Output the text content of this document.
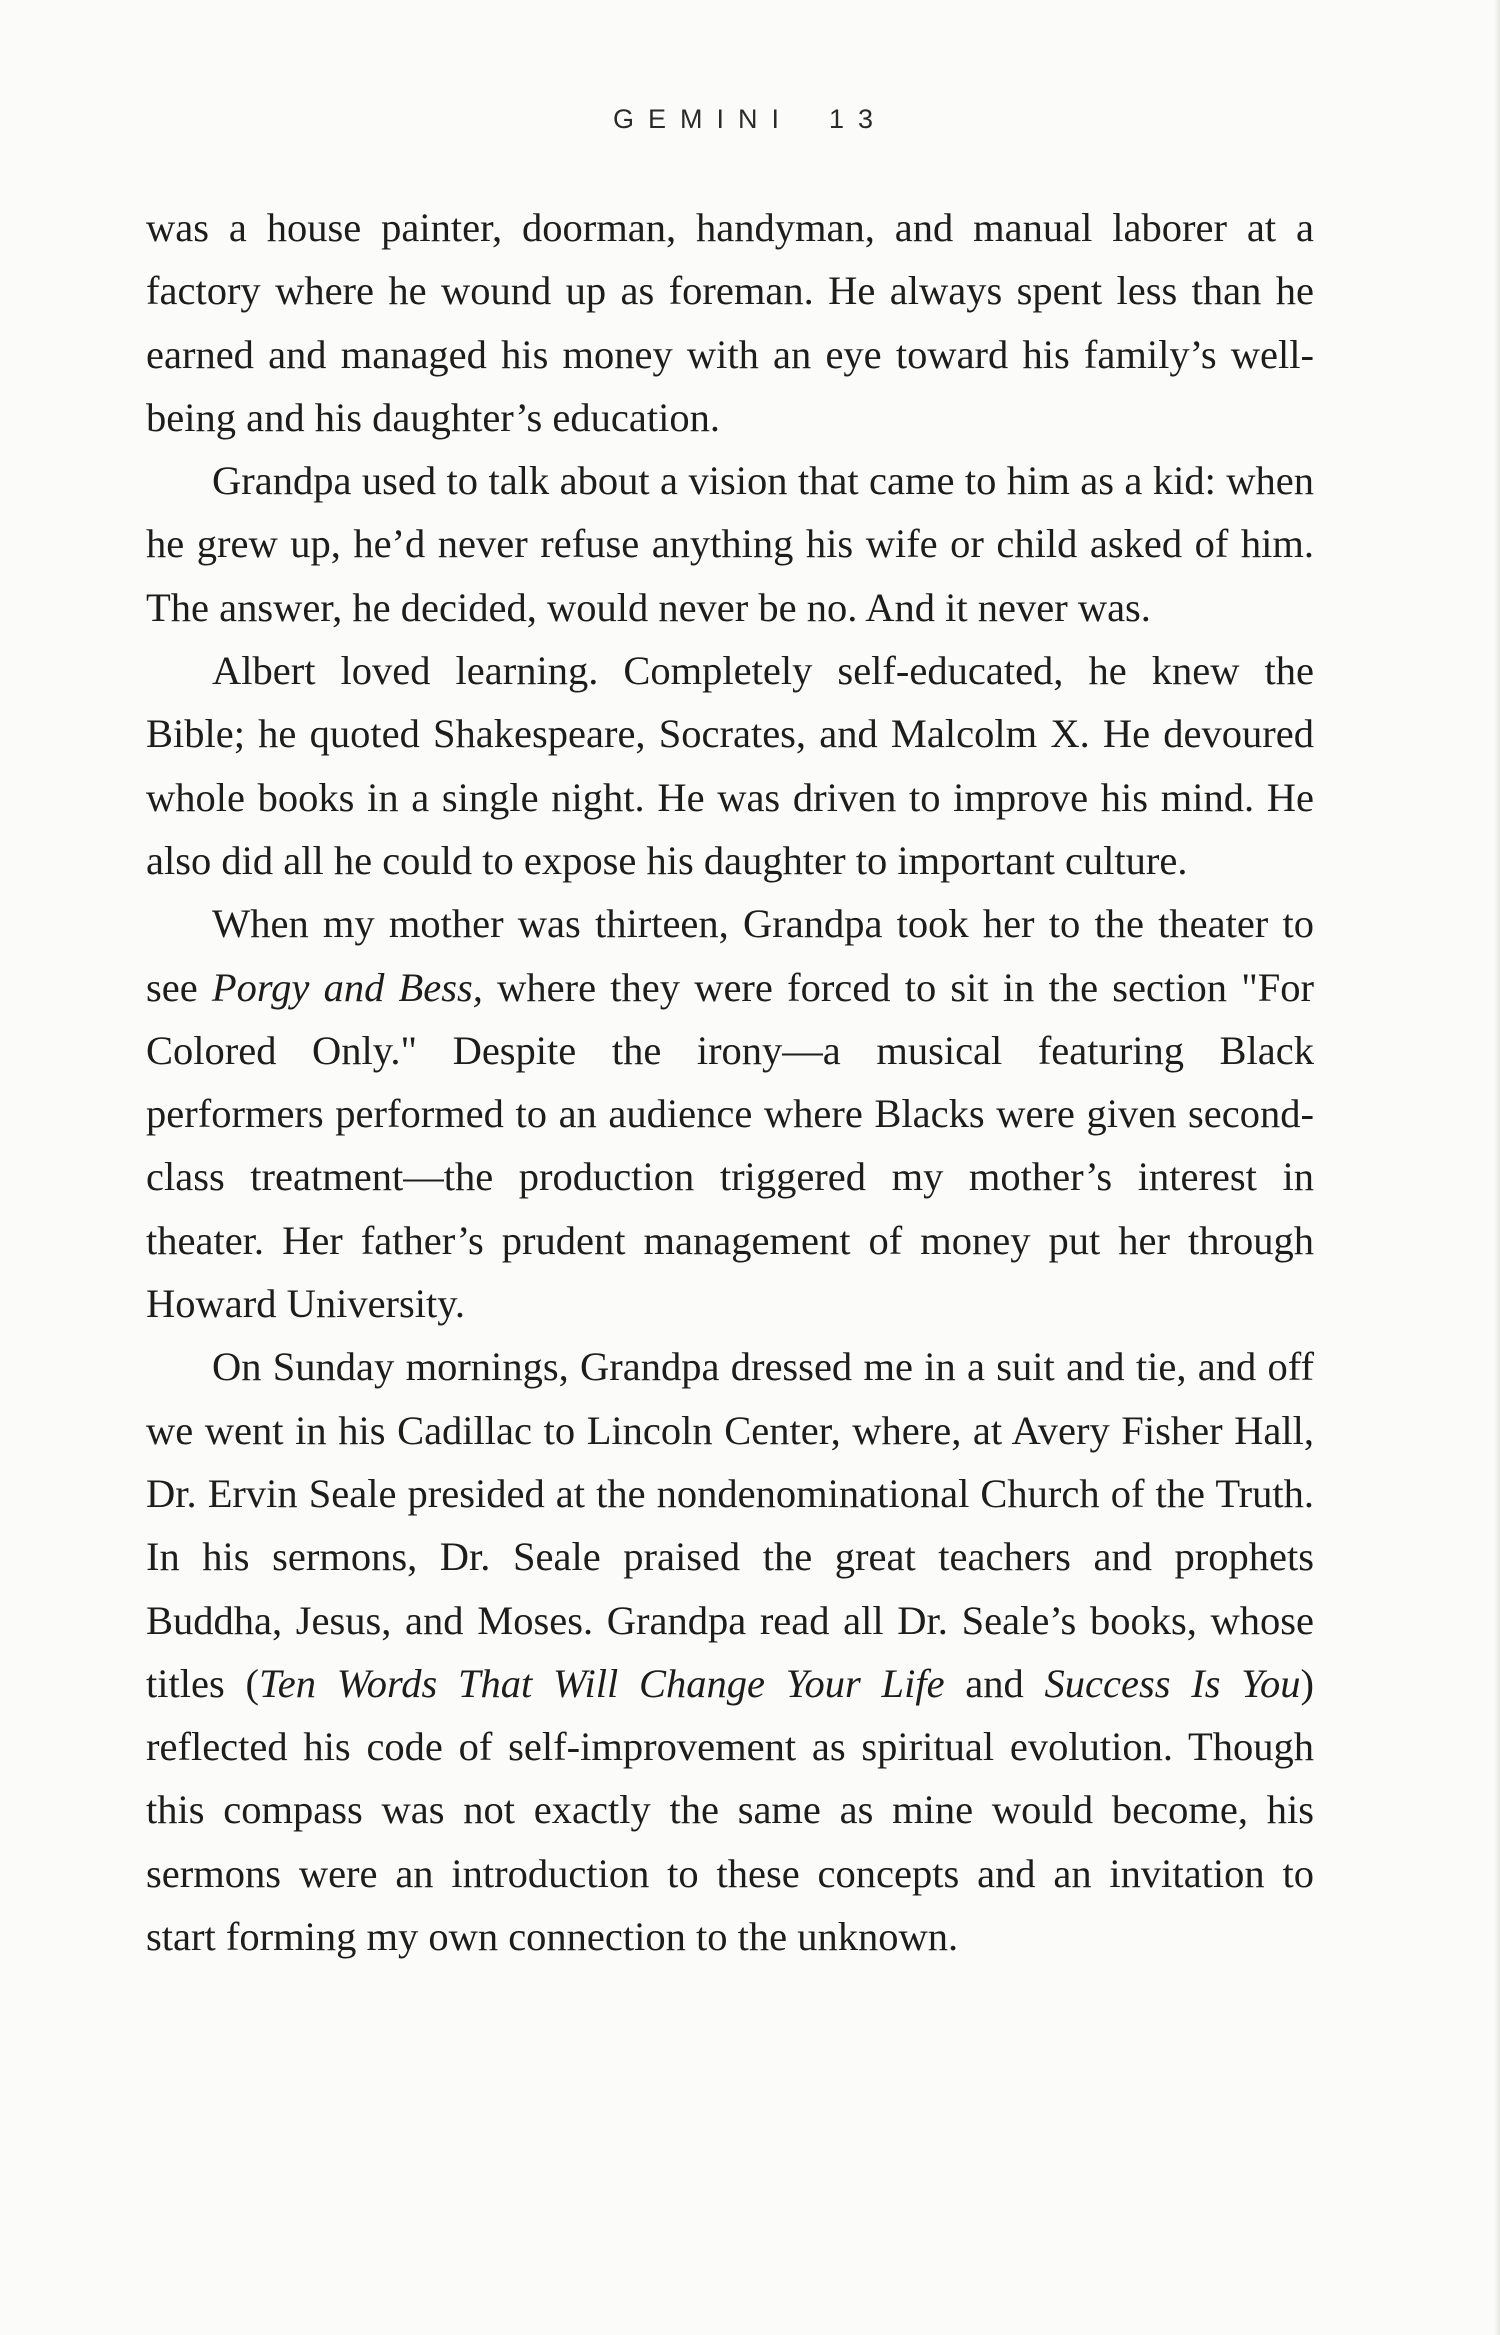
GEMINI 13

was a house painter, doorman, handyman, and manual laborer at a factory where he wound up as foreman. He always spent less than he earned and managed his money with an eye toward his family’s well-being and his daughter’s education.

Grandpa used to talk about a vision that came to him as a kid: when he grew up, he’d never refuse anything his wife or child asked of him. The answer, he decided, would never be no. And it never was.

Albert loved learning. Completely self-educated, he knew the Bible; he quoted Shakespeare, Socrates, and Malcolm X. He devoured whole books in a single night. He was driven to improve his mind. He also did all he could to expose his daughter to important culture.

When my mother was thirteen, Grandpa took her to the theater to see Porgy and Bess, where they were forced to sit in the section "For Colored Only." Despite the irony—a musical featuring Black performers performed to an audience where Blacks were given second-class treatment—the production triggered my mother’s interest in theater. Her father’s prudent management of money put her through Howard University.

On Sunday mornings, Grandpa dressed me in a suit and tie, and off we went in his Cadillac to Lincoln Center, where, at Avery Fisher Hall, Dr. Ervin Seale presided at the nondenominational Church of the Truth. In his sermons, Dr. Seale praised the great teachers and prophets Buddha, Jesus, and Moses. Grandpa read all Dr. Seale’s books, whose titles (Ten Words That Will Change Your Life and Success Is You) reflected his code of self-improvement as spiritual evolution. Though this compass was not exactly the same as mine would become, his sermons were an introduction to these concepts and an invitation to start forming my own connection to the unknown.
